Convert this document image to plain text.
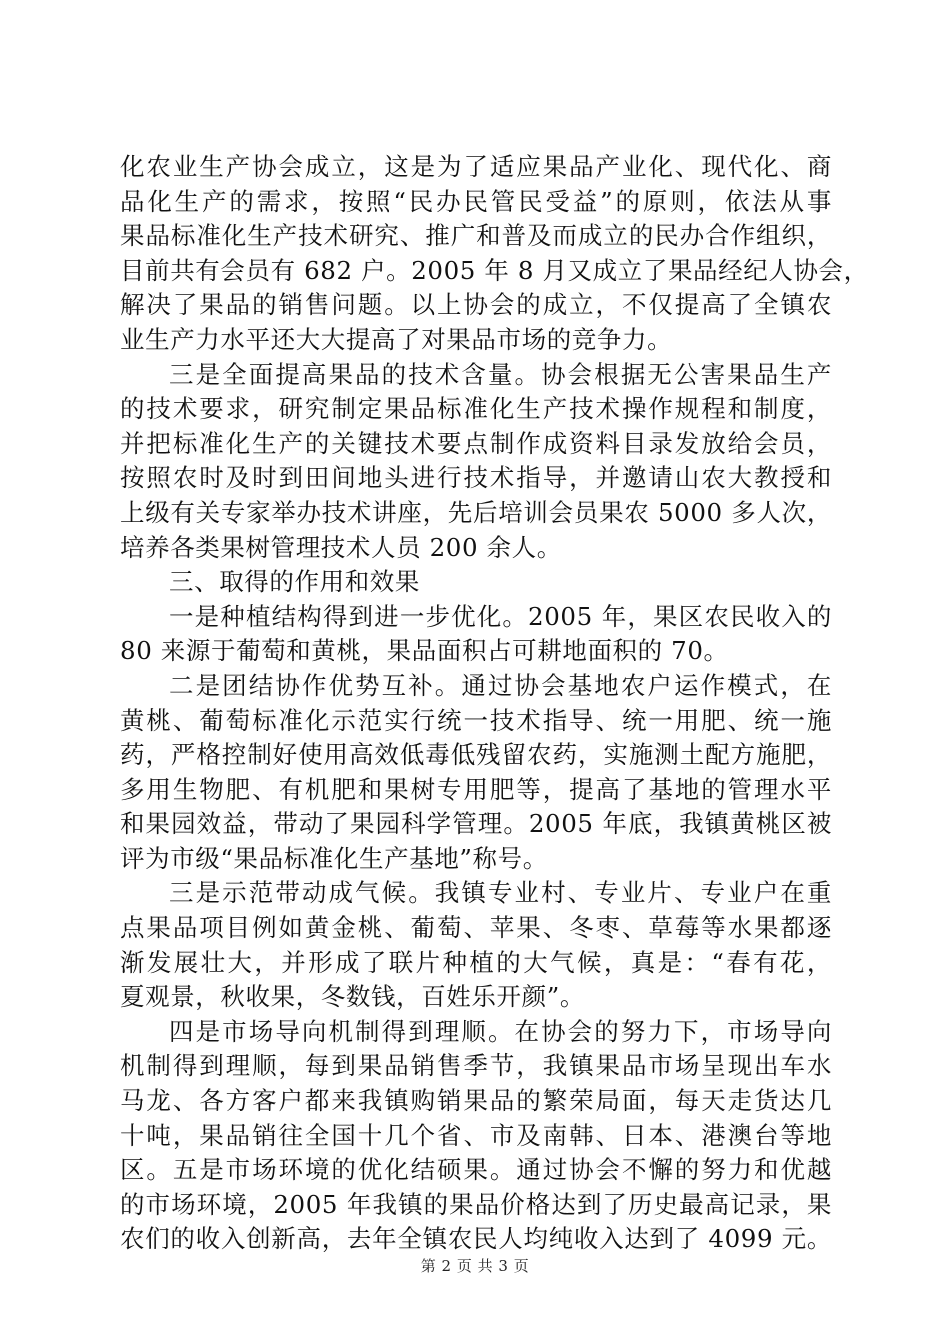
化农业生产协会成立，这是为了适应果品产业化、现代化、商
品化生产的需求，按照“民办民管民受益”的原则，依法从事
果品标准化生产技术研究、推广和普及而成立的民办合作组织，
目前共有会员有 682 户。2005 年 8 月又成立了果品经纪人协会，
解决了果品的销售问题。以上协会的成立，不仅提高了全镇农
业生产力水平还大大提高了对果品市场的竞争力。
三是全面提高果品的技术含量。协会根据无公害果品生产
的技术要求，研究制定果品标准化生产技术操作规程和制度，
并把标准化生产的关键技术要点制作成资料目录发放给会员，
按照农时及时到田间地头进行技术指导，并邀请山农大教授和
上级有关专家举办技术讲座，先后培训会员果农 5000 多人次，
培养各类果树管理技术人员 200 余人。
三、取得的作用和效果
一是种植结构得到进一步优化。2005 年，果区农民收入的
80 来源于葡萄和黄桃，果品面积占可耕地面积的 70。
二是团结协作优势互补。通过协会基地农户运作模式，在
黄桃、葡萄标准化示范实行统一技术指导、统一用肥、统一施
药，严格控制好使用高效低毒低残留农药，实施测土配方施肥，
多用生物肥、有机肥和果树专用肥等，提高了基地的管理水平
和果园效益，带动了果园科学管理。2005 年底，我镇黄桃区被
评为市级“果品标准化生产基地”称号。
三是示范带动成气候。我镇专业村、专业片、专业户在重
点果品项目例如黄金桃、葡萄、苹果、冬枣、草莓等水果都逐
渐发展壮大，并形成了联片种植的大气候，真是：“春有花，
夏观景，秋收果，冬数钱，百姓乐开颜”。
四是市场导向机制得到理顺。在协会的努力下，市场导向
机制得到理顺，每到果品销售季节，我镇果品市场呈现出车水
马龙、各方客户都来我镇购销果品的繁荣局面，每天走货达几
十吨，果品销往全国十几个省、市及南韩、日本、港澳台等地
区。五是市场环境的优化结硕果。通过协会不懈的努力和优越
的市场环境，2005 年我镇的果品价格达到了历史最高记录，果
农们的收入创新高，去年全镇农民人均纯收入达到了 4099 元。
第 2 页 共 3 页
